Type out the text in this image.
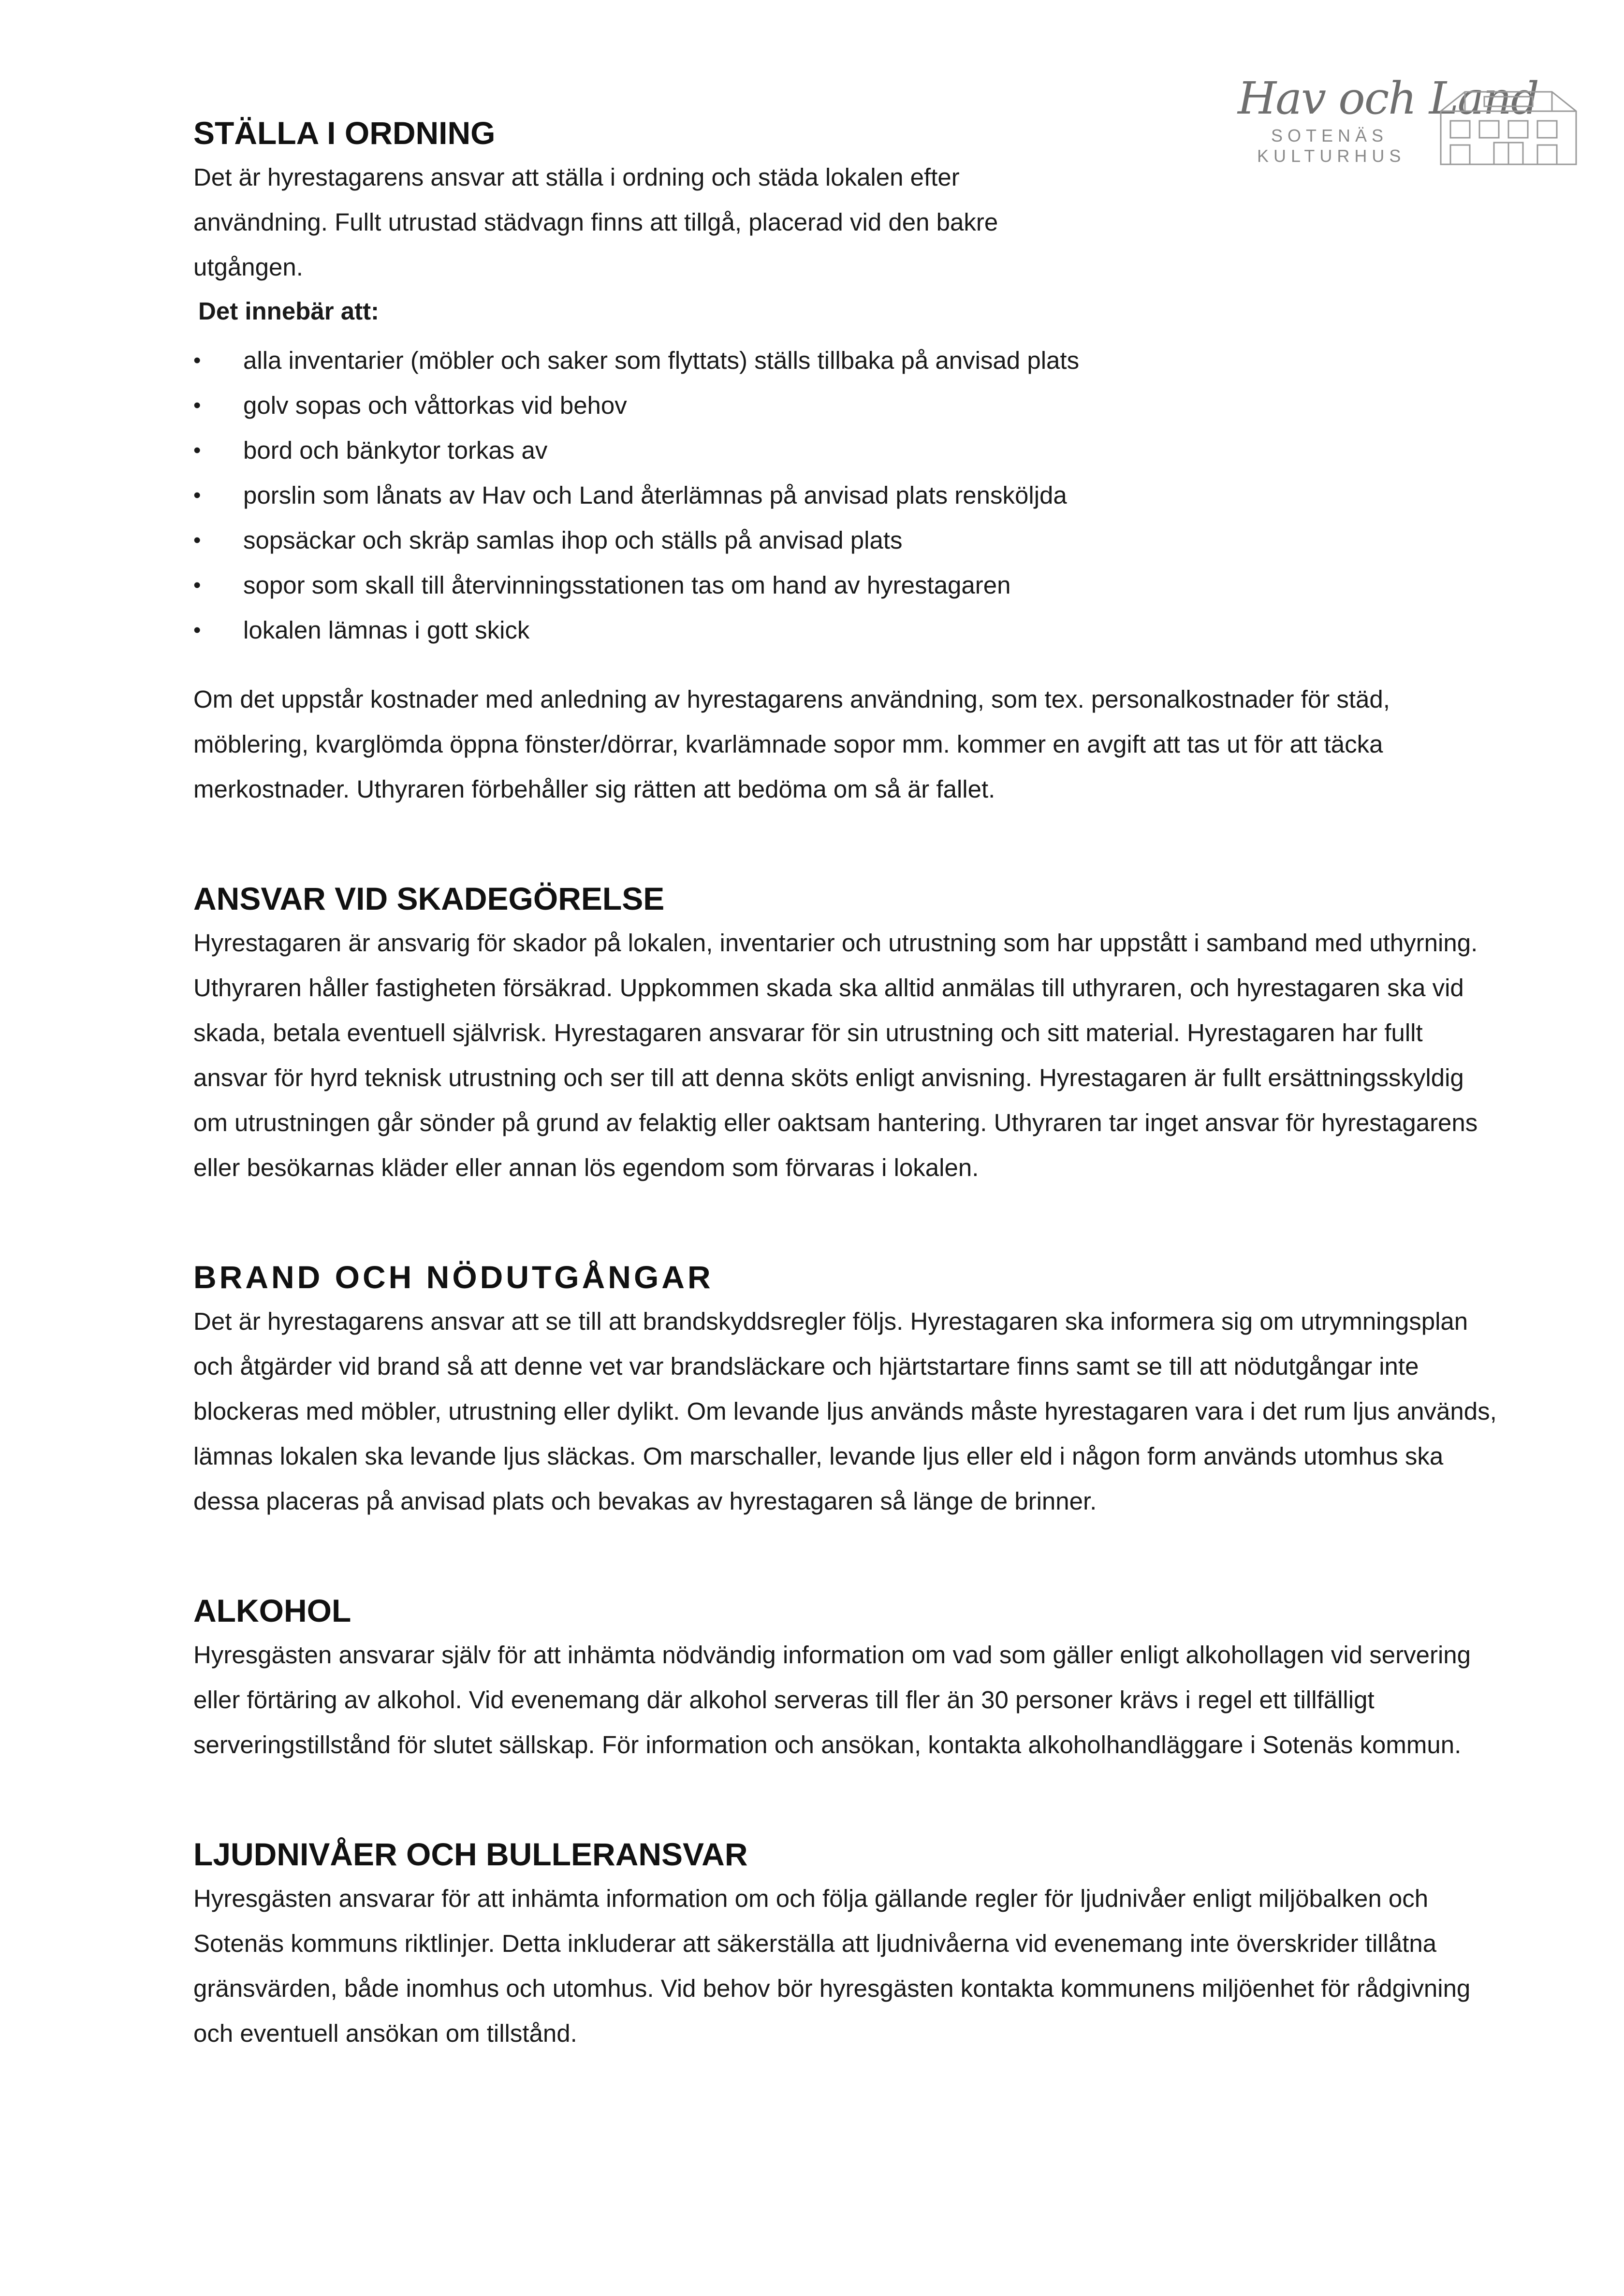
Hav och Land
SOTENÄS
KULTURHUS
STÄLLA I ORDNING

Det är hyrestagarens ansvar att ställa i ordning och städa lokalen efter användning. Fullt utrustad städvagn finns att tillgå, placerad vid den bakre utgången.

Det innebär att:
• alla inventarier (möbler och saker som flyttats) ställs tillbaka på anvisad plats
• golv sopas och våttorkas vid behov
• bord och bänkytor torkas av
• porslin som lånats av Hav och Land återlämnas på anvisad plats rensköljda
• sopsäckar och skräp samlas ihop och ställs på anvisad plats
• sopor som skall till återvinningsstationen tas om hand av hyrestagaren
• lokalen lämnas i gott skick

Om det uppstår kostnader med anledning av hyrestagarens användning, som tex. personalkostnader för städ, möblering, kvarglömda öppna fönster/dörrar, kvarlämnade sopor mm. kommer en avgift att tas ut för att täcka merkostnader. Uthyraren förbehåller sig rätten att bedöma om så är fallet.

ANSVAR VID SKADEGÖRELSE

Hyrestagaren är ansvarig för skador på lokalen, inventarier och utrustning som har uppstått i samband med uthyrning. Uthyraren håller fastigheten försäkrad. Uppkommen skada ska alltid anmälas till uthyraren, och hyrestagaren ska vid skada, betala eventuell självrisk. Hyrestagaren ansvarar för sin utrustning och sitt material. Hyrestagaren har fullt ansvar för hyrd teknisk utrustning och ser till att denna sköts enligt anvisning. Hyrestagaren är fullt ersättningsskyldig om utrustningen går sönder på grund av felaktig eller oaktsam hantering. Uthyraren tar inget ansvar för hyrestagarens eller besökarnas kläder eller annan lös egendom som förvaras i lokalen.

BRAND OCH NÖDUTGÅNGAR

Det är hyrestagarens ansvar att se till att brandskyddsregler följs. Hyrestagaren ska informera sig om utrymningsplan och åtgärder vid brand så att denne vet var brandsläckare och hjärtstartare finns samt se till att nödutgångar inte blockeras med möbler, utrustning eller dylikt. Om levande ljus används måste hyrestagaren vara i det rum ljus används, lämnas lokalen ska levande ljus släckas. Om marschaller, levande ljus eller eld i någon form används utomhus ska dessa placeras på anvisad plats och bevakas av hyrestagaren så länge de brinner.

ALKOHOL

Hyresgästen ansvarar själv för att inhämta nödvändig information om vad som gäller enligt alkohollagen vid servering eller förtäring av alkohol. Vid evenemang där alkohol serveras till fler än 30 personer krävs i regel ett tillfälligt serveringstillstånd för slutet sällskap. För information och ansökan, kontakta alkoholhandläggare i Sotenäs kommun.

LJUDNIVÅER OCH BULLERANSVAR

Hyresgästen ansvarar för att inhämta information om och följa gällande regler för ljudnivåer enligt miljöbalken och Sotenäs kommuns riktlinjer. Detta inkluderar att säkerställa att ljudnivåerna vid evenemang inte överskrider tillåtna gränsvärden, både inomhus och utomhus. Vid behov bör hyresgästen kontakta kommunens miljöenhet för rådgivning och eventuell ansökan om tillstånd.
